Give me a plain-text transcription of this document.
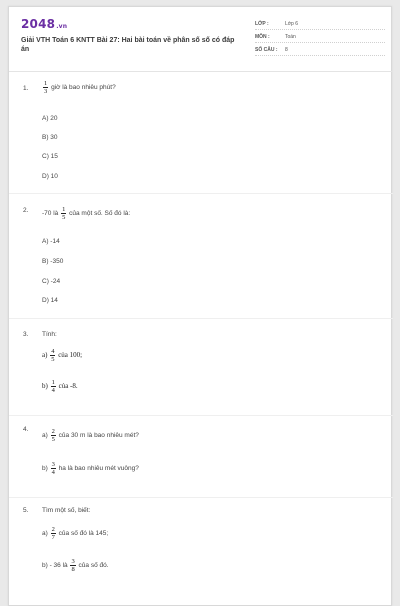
2048.vn
Giải VTH Toán 6 KNTT Bài 27: Hai bài toán về phân số số có đáp án
LỚP :	Lớp 6
MÔN :	Toán
SỐ CÂU : 8
1. $\frac{1}{3}$ giờ là bao nhiêu phút?
A) 20
B) 30
C) 15
D) 10
2. -70 là $\frac{1}{5}$ của một số. Số đó là:
A) -14
B) -350
C) -24
D) 14
3. Tính:
$a) \frac{4}{5}$ của 100;
$b) \frac{1}{4}$ của -8.
4.
$a) \frac{2}{5}$ của 30 m là bao nhiêu mét?
$b) \frac{3}{4}$ ha là bao nhiêu mét vuông?
5. Tìm một số, biết:
$a) \frac{2}{7}$ của số đó là 145;
b) - 36 là $\frac{3}{8}$ của số đó.
